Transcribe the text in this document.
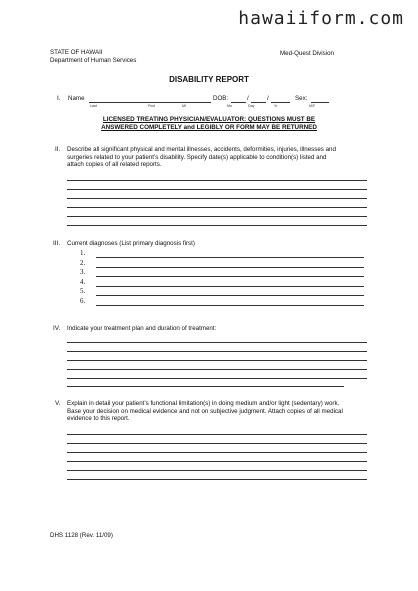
hawaiiform.com
STATE OF HAWAII
Department of Human Services
Med-Quest Division
DISABILITY REPORT
I. Name	DOB:	/	/	Sex:
Last	First	MI	Mo	Day	Yr	M/F
LICENSED TREATING PHYSICIAN/EVALUATOR: QUESTIONS MUST BE
ANSWERED COMPLETELY and LEGIBLY OR FORM MAY BE RETURNED
II. Describe all significant physical and mental illnesses, accidents, deformities, injuries, illnesses and
surgeries related to your patient’s disability. Specify date(s) applicable to condition(s) listed and
attach copies of all related reports.
III. Current diagnoses (List primary diagnosis first)
1.
2.
3.
4.
5.
6.
IV. Indicate your treatment plan and duration of treatment:
V. Explain in detail your patient’s functional limitation(s) in doing medium and/or light (sedentary) work.
Base your decision on medical evidence and not on subjective judgment. Attach copies of all medical
evidence to this report.
DHS 1128 (Rev. 11/09)
